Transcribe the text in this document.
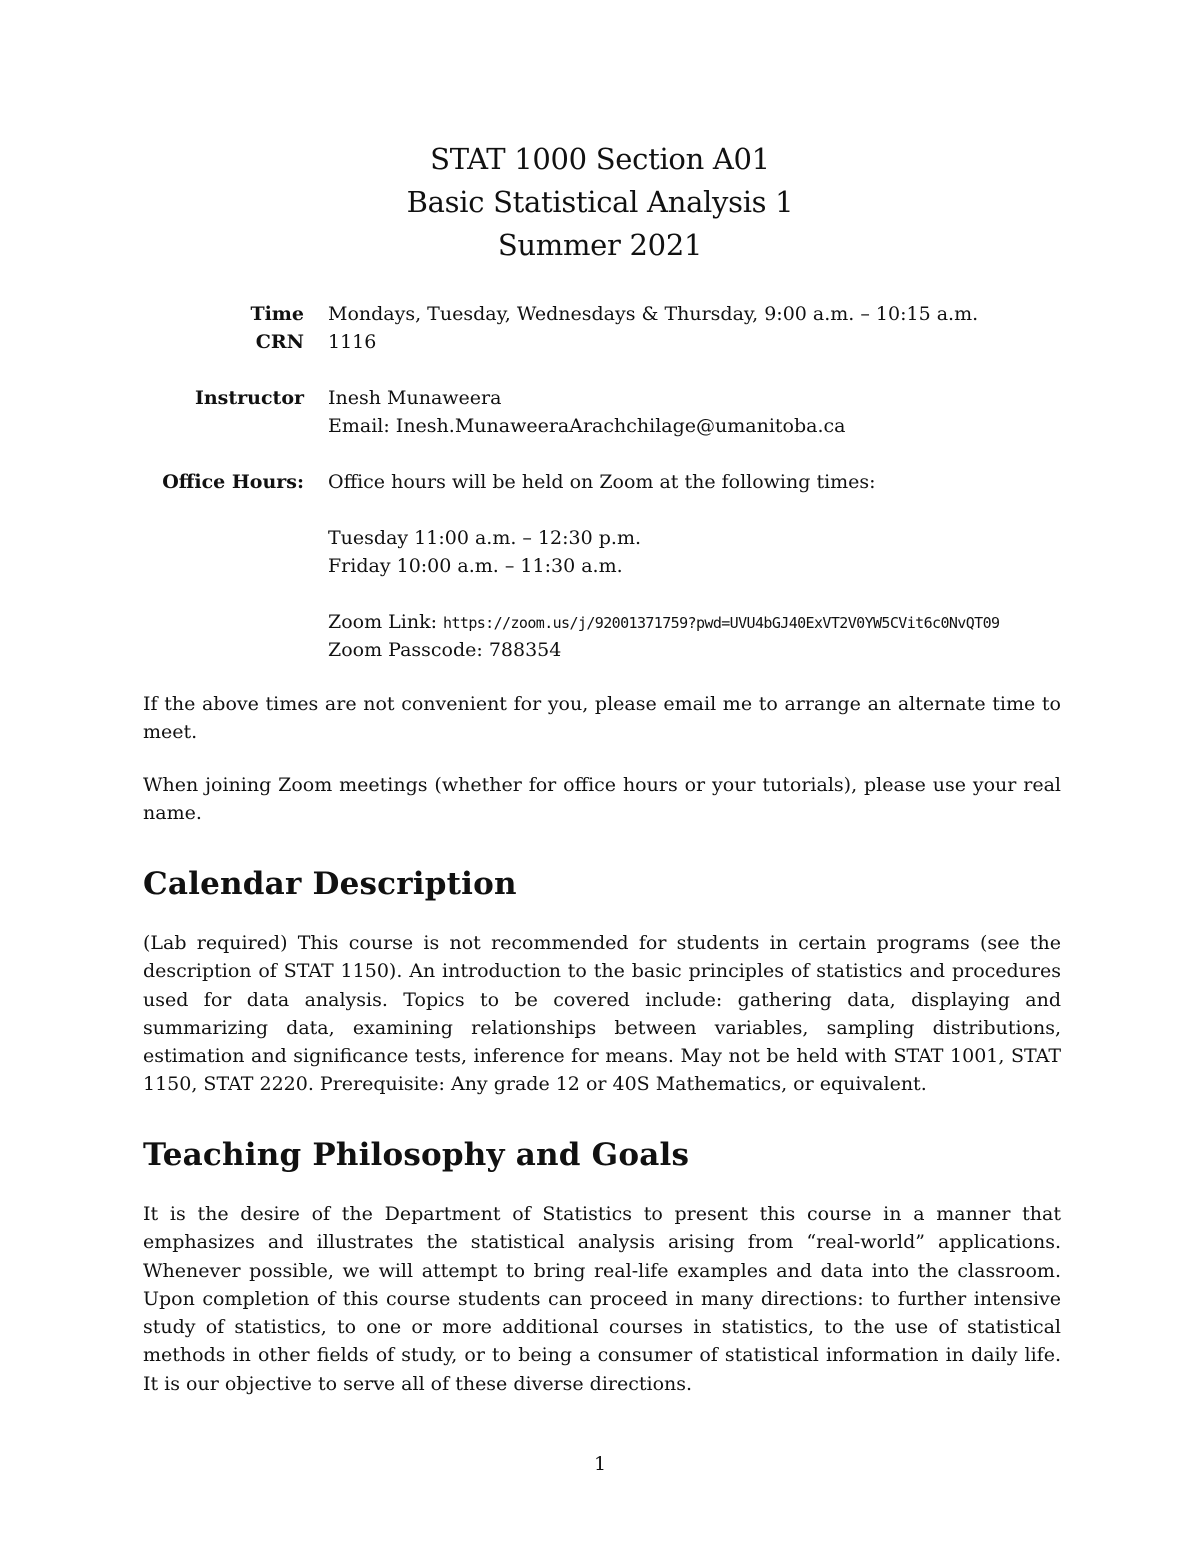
STAT 1000 Section A01
Basic Statistical Analysis 1
Summer 2021
Time Mondays, Tuesday, Wednesdays & Thursday, 9:00 a.m. – 10:15 a.m.
CRN 1116
Instructor Inesh Munaweera
Email: Inesh.MunaweeraArachchilage@umanitoba.ca
Office Hours: Office hours will be held on Zoom at the following times:
Tuesday 11:00 a.m. – 12:30 p.m.
Friday 10:00 a.m. – 11:30 a.m.
Zoom Link: https://zoom.us/j/92001371759?pwd=UVU4bGJ40ExVT2V0YW5CVit6c0NvQT09
Zoom Passcode: 788354

If the above times are not convenient for you, please email me to arrange an alternate time to meet.

When joining Zoom meetings (whether for office hours or your tutorials), please use your real name.

Calendar Description

(Lab required) This course is not recommended for students in certain programs (see the description of STAT 1150). An introduction to the basic principles of statistics and procedures used for data analysis. Topics to be covered include: gathering data, displaying and summarizing data, examining relationships between variables, sampling distributions, estimation and significance tests, inference for means. May not be held with STAT 1001, STAT 1150, STAT 2220. Prerequisite: Any grade 12 or 40S Mathematics, or equivalent.

Teaching Philosophy and Goals

It is the desire of the Department of Statistics to present this course in a manner that emphasizes and illustrates the statistical analysis arising from “real-world” applications. Whenever possible, we will attempt to bring real-life examples and data into the classroom. Upon completion of this course students can proceed in many directions: to further intensive study of statistics, to one or more additional courses in statistics, to the use of statistical methods in other fields of study, or to being a consumer of statistical information in daily life. It is our objective to serve all of these diverse directions.

1
